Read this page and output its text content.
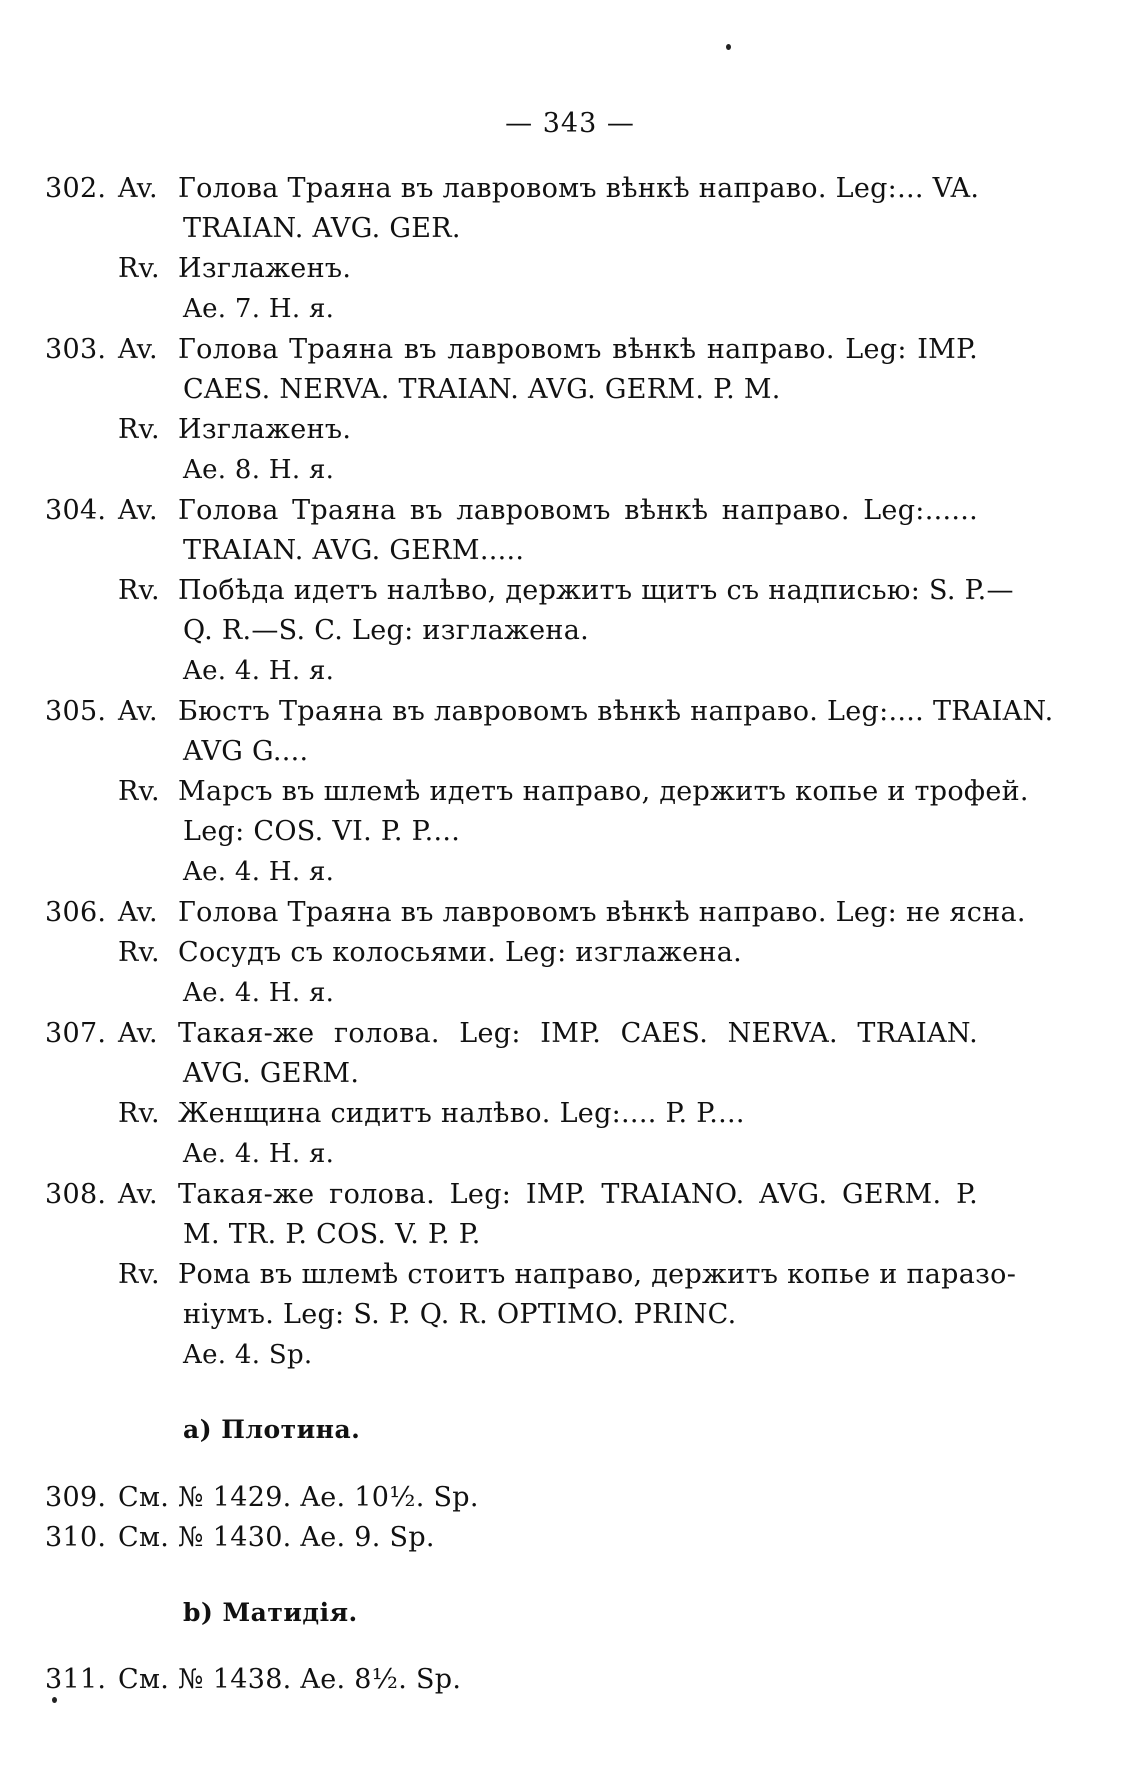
— 343 —
302. Av. Голова Траяна въ лавровомъ вѣнкѣ направо. Leg:... VA.
TRAIAN. AVG. GER.
Rv. Изглаженъ.
Ae. 7. H. я.
303. Av. Голова Траяна въ лавровомъ вѣнкѣ направо. Leg: IMP.
CAES. NERVA. TRAIAN. AVG. GERM. P. M.
Rv. Изглаженъ.
Ae. 8. H. я.
304. Av. Голова Траяна въ лавровомъ вѣнкѣ направо. Leg:......
TRAIAN. AVG. GERM.....
Rv. Побѣда идетъ налѣво, держитъ щитъ съ надписью: S. P.—
Q. R.—S. C. Leg: изглажена.
Ae. 4. H. я.
305. Av. Бюстъ Траяна въ лавровомъ вѣнкѣ направо. Leg:.... TRAIAN.
AVG G....
Rv. Марсъ въ шлемѣ идетъ направо, держитъ копье и трофей.
Leg: COS. VI. P. P....
Ae. 4. H. я.
306. Av. Голова Траяна въ лавровомъ вѣнкѣ направо. Leg: не ясна.
Rv. Сосудъ съ колосьями. Leg: изглажена.
Ae. 4. H. я.
307. Av. Такая-же голова. Leg: IMP. CAES. NERVA. TRAIAN.
AVG. GERM.
Rv. Женщина сидитъ налѣво. Leg:.... P. P....
Ae. 4. H. я.
308. Av. Такая-же голова. Leg: IMP. TRAIANO. AVG. GERM. P.
M. TR. P. COS. V. P. P.
Rv. Рома въ шлемѣ стоитъ направо, держитъ копье и паразо-
ніумъ. Leg: S. P. Q. R. OPTIMO. PRINC.
Ae. 4. Sp.
a) Плотина.
309. См. № 1429. Ae. 10½. Sp.
310. См. № 1430. Ae. 9. Sp.
b) Матидія.
311. См. № 1438. Ae. 8½. Sp.
